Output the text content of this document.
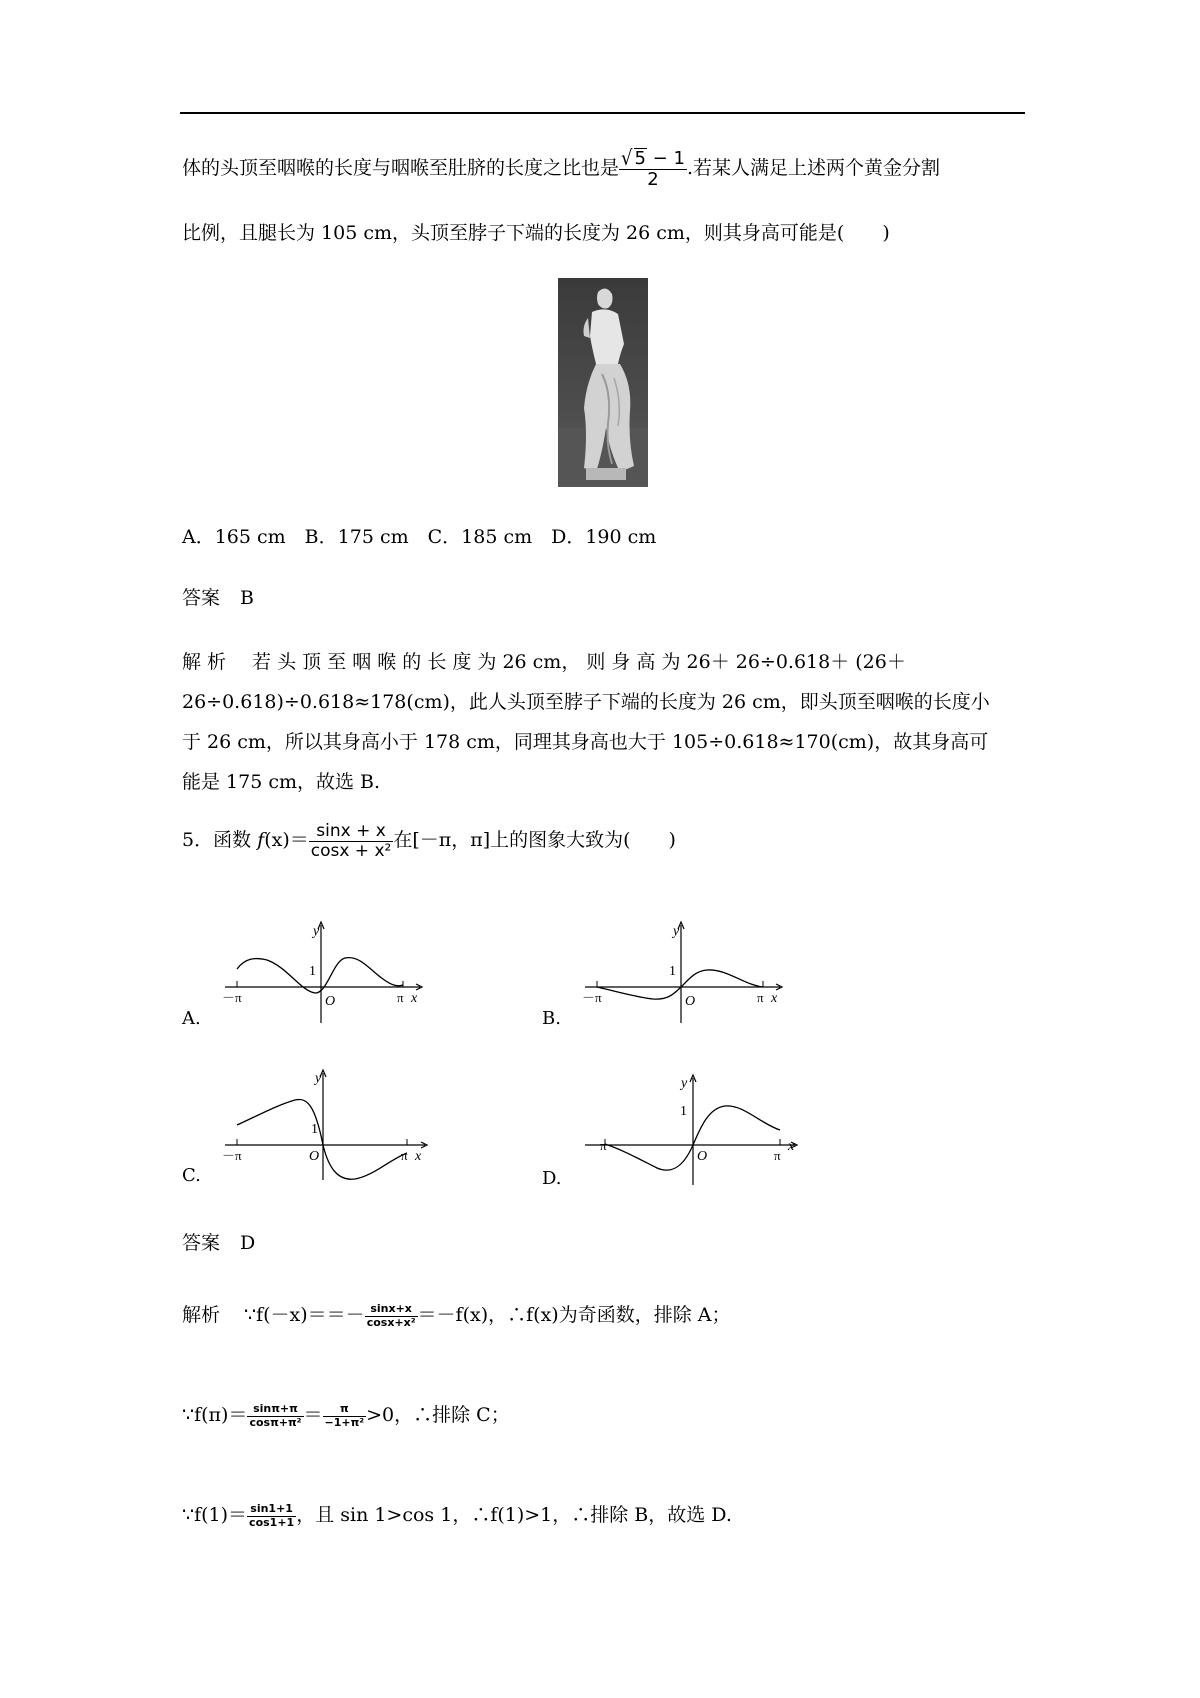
体的头顶至咽喉的长度与咽喉至肚脐的长度之比也是 $\frac{√ 5 - 1}{2}$ .若某人满足上述两个黄金分割
比例，且腿长为 105 cm，头顶至脖子下端的长度为 26 cm，则其身高可能是(　　)
A．165 cm　B．175 cm　C．185 cm　D．190 cm
答案 B
解 析 若 头 顶 至 咽 喉 的 长 度 为 26 cm， 则 身 高 为 26＋ 26÷0.618＋ (26＋
26÷0.618)÷0.618≈178(cm)，此人头顶至脖子下端的长度为 26 cm，即头顶至咽喉的长度小
于 26 cm，所以其身高小于 178 cm，同理其身高也大于 105÷0.618≈170(cm)，故其身高可
能是 175 cm，故选 B.
5．函数 $f(x)= \frac{\sin x + x}{\text{cosx + x²}}$ 在[－π，π]上的图象大致为(　　)
y
1
O
－π	π x
A.
y
1
O
－π	π x
B.
y
1
O
－π	π x
C.
y
1
O
－π
π
x
D.
答案 D
解析 ∵f(－x)＝＝－ $\frac{\sin x+x}{\text{cosx+x²}} =-f(x)$，∴f(x)为奇函数，排除 A；
∵f(π)＝ $\frac{\sin\pi+\pi}{\text{cosπ+π²}} = \frac{\pi}{\text{−1+π²}} >0$，∴排除 C；
∵f(1)＝ $\frac{\sin 1+1}{\cos 1+1}$ ，且 sin 1>cos 1，∴f(1)>1，∴排除 B，故选 D.
